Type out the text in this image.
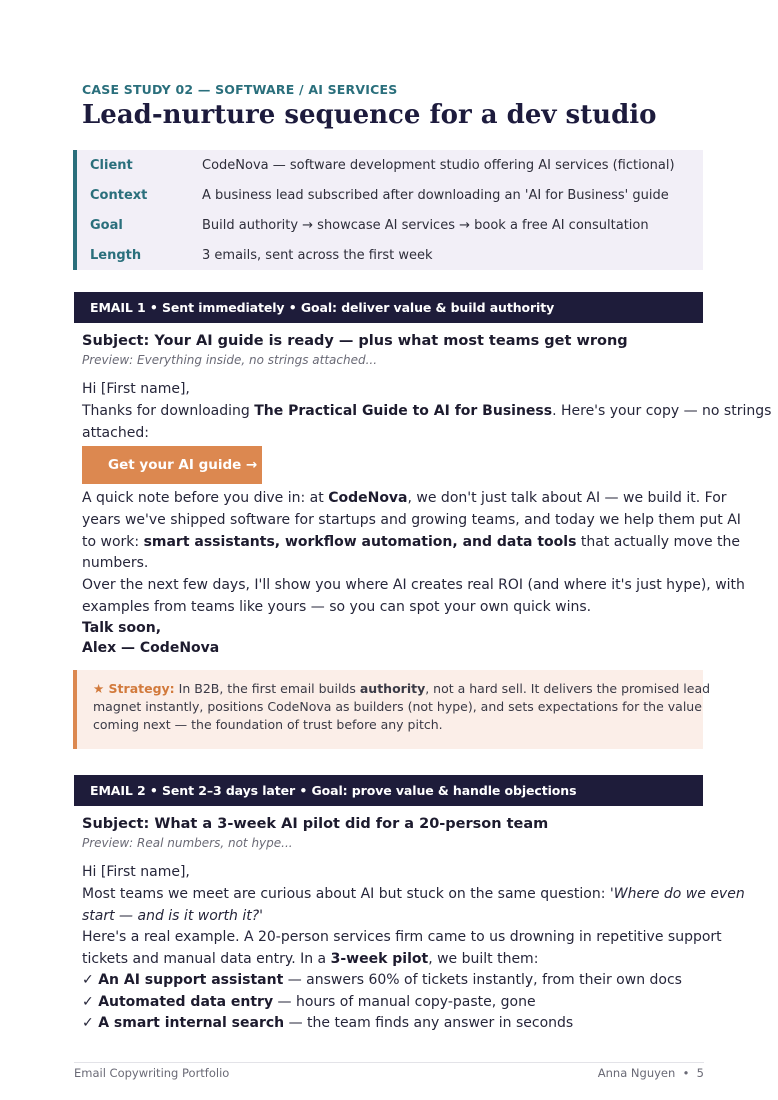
CASE STUDY 02 — SOFTWARE / AI SERVICES
Lead-nurture sequence for a dev studio
Client	CodeNova — software development studio offering AI services (fictional)
Context	A business lead subscribed after downloading an 'AI for Business' guide
Goal	Build authority → showcase AI services → book a free AI consultation
Length	3 emails, sent across the first week
EMAIL 1 • Sent immediately • Goal: deliver value & build authority
Subject: Your AI guide is ready — plus what most teams get wrong
Preview: Everything inside, no strings attached...
Hi [First name],
Thanks for downloading The Practical Guide to AI for Business. Here's your copy — no strings
attached:
Get your AI guide →
A quick note before you dive in: at CodeNova, we don't just talk about AI — we build it. For
years we've shipped software for startups and growing teams, and today we help them put AI
to work: smart assistants, workflow automation, and data tools that actually move the
numbers.
Over the next few days, I'll show you where AI creates real ROI (and where it's just hype), with
examples from teams like yours — so you can spot your own quick wins.
Talk soon,
Alex — CodeNova
★ Strategy: In B2B, the first email builds authority, not a hard sell. It delivers the promised lead
magnet instantly, positions CodeNova as builders (not hype), and sets expectations for the value
coming next — the foundation of trust before any pitch.
EMAIL 2 • Sent 2–3 days later • Goal: prove value & handle objections
Subject: What a 3-week AI pilot did for a 20-person team
Preview: Real numbers, not hype...
Hi [First name],
Most teams we meet are curious about AI but stuck on the same question: 'Where do we even
start — and is it worth it?'
Here's a real example. A 20-person services firm came to us drowning in repetitive support
tickets and manual data entry. In a 3-week pilot, we built them:
✓ An AI support assistant — answers 60% of tickets instantly, from their own docs
✓ Automated data entry — hours of manual copy-paste, gone
✓ A smart internal search — the team finds any answer in seconds
Email Copywriting Portfolio	Anna Nguyen  •  5
